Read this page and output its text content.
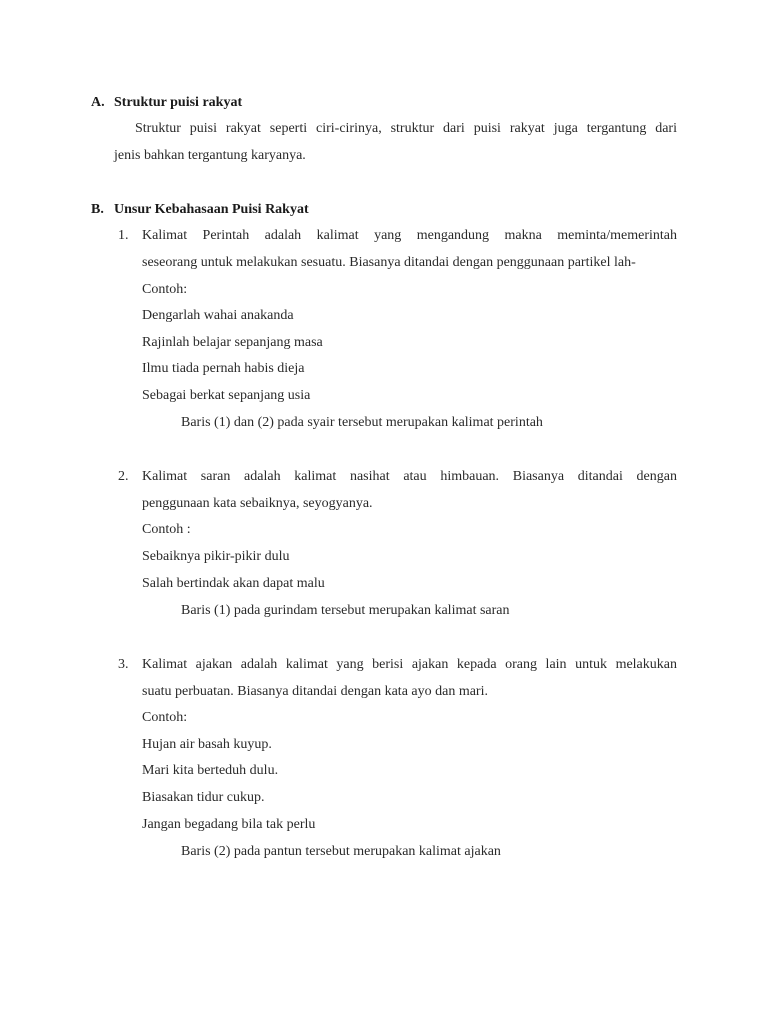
A. Struktur puisi rakyat
Struktur puisi rakyat seperti ciri-cirinya, struktur dari puisi rakyat juga tergantung dari
jenis bahkan tergantung karyanya.
B. Unsur Kebahasaan Puisi Rakyat
1. Kalimat Perintah adalah kalimat yang mengandung makna meminta/memerintah
seseorang untuk melakukan sesuatu. Biasanya ditandai dengan penggunaan partikel lah-
Contoh:
Dengarlah wahai anakanda
Rajinlah belajar sepanjang masa
Ilmu tiada pernah habis dieja
Sebagai berkat sepanjang usia
Baris (1) dan (2) pada syair tersebut merupakan kalimat perintah
2. Kalimat saran adalah kalimat nasihat atau himbauan. Biasanya ditandai dengan
penggunaan kata sebaiknya, seyogyanya.
Contoh :
Sebaiknya pikir-pikir dulu
Salah bertindak akan dapat malu
Baris (1) pada gurindam tersebut merupakan kalimat saran
3. Kalimat ajakan adalah kalimat yang berisi ajakan kepada orang lain untuk melakukan
suatu perbuatan. Biasanya ditandai dengan kata ayo dan mari.
Contoh:
Hujan air basah kuyup.
Mari kita berteduh dulu.
Biasakan tidur cukup.
Jangan begadang bila tak perlu
Baris (2) pada pantun tersebut merupakan kalimat ajakan
